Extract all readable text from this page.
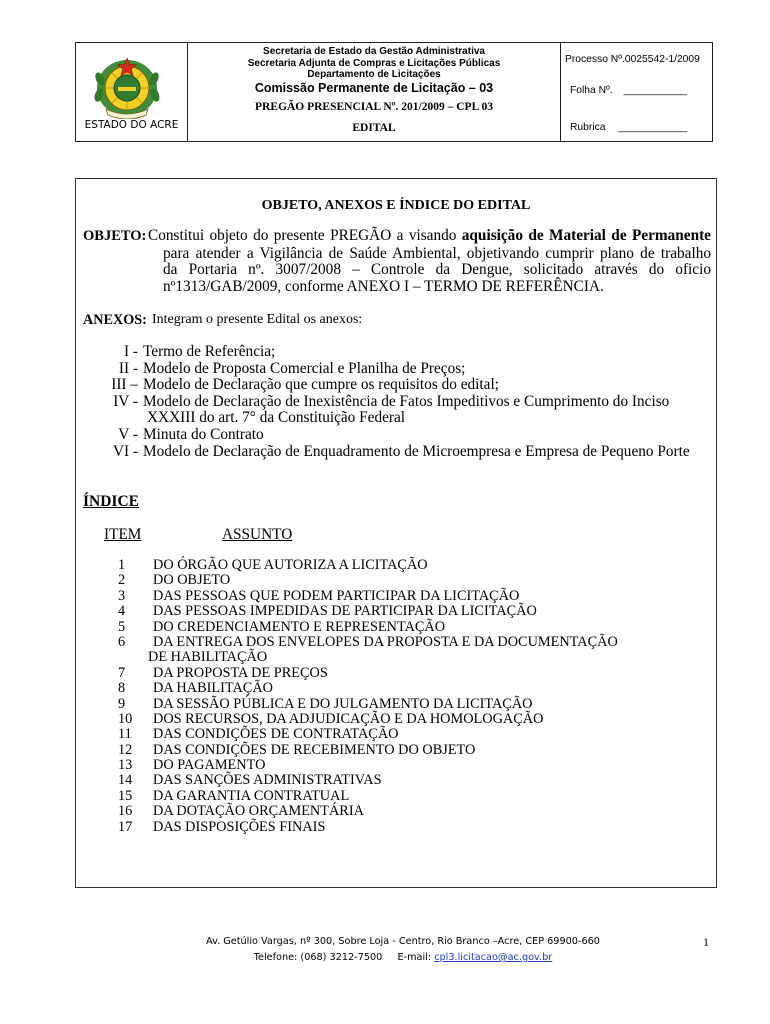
ESTADO DO ACRE
Secretaria de Estado da Gestão Administrativa
Secretaria Adjunta de Compras e Licitações Públicas
Departamento de Licitações
Comissão Permanente de Licitação – 03
PREGÃO PRESENCIAL Nº. 201/2009 – CPL 03
EDITAL
Processo Nº.0025542-1/2009
Folha Nº. ___________
Rubrica ____________
OBJETO, ANEXOS E ÍNDICE DO EDITAL
OBJETO: Constitui objeto do presente PREGÃO a visando aquisição de Material de Permanente
para atender a Vigilância de Saúde Ambiental, objetivando cumprir plano de trabalho
da Portaria nº. 3007/2008 – Controle da Dengue, solicitado através do oficio
nº1313/GAB/2009, conforme ANEXO I – TERMO DE REFERÊNCIA.
ANEXOS: Integram o presente Edital os anexos:
I - Termo de Referência;
II - Modelo de Proposta Comercial e Planilha de Preços;
III – Modelo de Declaração que cumpre os requisitos do edital;
IV - Modelo de Declaração de Inexistência de Fatos Impeditivos e Cumprimento do Inciso
XXXIII do art. 7° da Constituição Federal
V - Minuta do Contrato
VI - Modelo de Declaração de Enquadramento de Microempresa e Empresa de Pequeno Porte
ÍNDICE
ITEM	ASSUNTO
1 DO ÓRGÃO QUE AUTORIZA A LICITAÇÃO
2 DO OBJETO
3 DAS PESSOAS QUE PODEM PARTICIPAR DA LICITAÇÃO
4 DAS PESSOAS IMPEDIDAS DE PARTICIPAR DA LICITAÇÃO
5 DO CREDENCIAMENTO E REPRESENTAÇÃO
6 DA ENTREGA DOS ENVELOPES DA PROPOSTA E DA DOCUMENTAÇÃO
DE HABILITAÇÃO
7 DA PROPOSTA DE PREÇOS
8 DA HABILITAÇÃO
9 DA SESSÃO PÚBLICA E DO JULGAMENTO DA LICITAÇÃO
10 DOS RECURSOS, DA ADJUDICAÇÃO E DA HOMOLOGAÇÃO
11 DAS CONDIÇÕES DE CONTRATAÇÃO
12 DAS CONDIÇÕES DE RECEBIMENTO DO OBJETO
13 DO PAGAMENTO
14 DAS SANÇÕES ADMINISTRATIVAS
15 DA GARANTIA CONTRATUAL
16 DA DOTAÇÃO ORÇAMENTÁRIA
17 DAS DISPOSIÇÕES FINAIS
Av. Getúlio Vargas, nº 300, Sobre Loja - Centro, Rio Branco –Acre, CEP 69900-660
Telefone: (068) 3212-7500 E-mail: cpl3.licitacao@ac.gov.br
1
